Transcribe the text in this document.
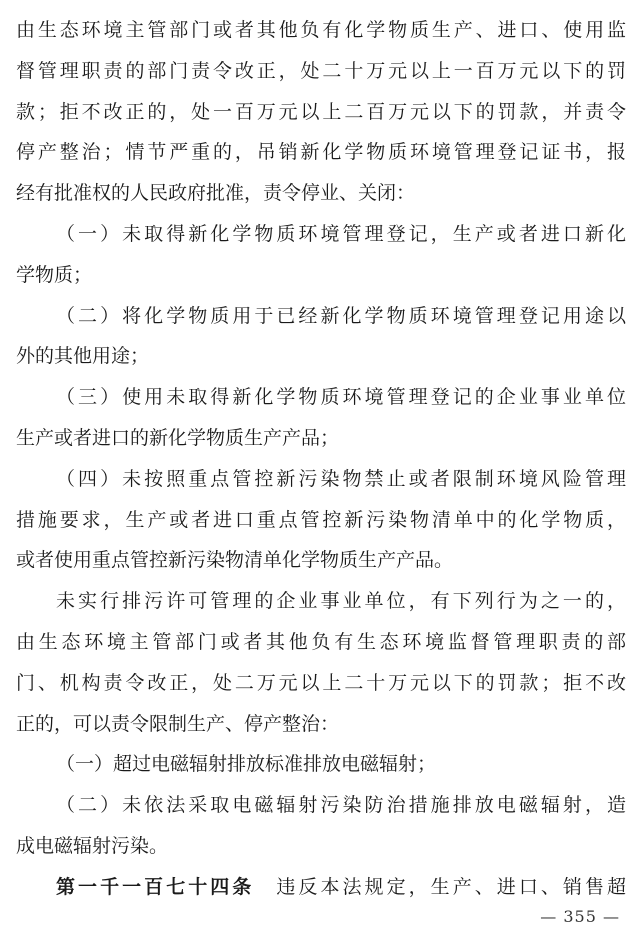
由生态环境主管部门或者其他负有化学物质生产、进口、使用监
督管理职责的部门责令改正，处二十万元以上一百万元以下的罚
款；拒不改正的，处一百万元以上二百万元以下的罚款，并责令
停产整治；情节严重的，吊销新化学物质环境管理登记证书，报
经有批准权的人民政府批准，责令停业、关闭：
（一）未取得新化学物质环境管理登记，生产或者进口新化
学物质；
（二）将化学物质用于已经新化学物质环境管理登记用途以
外的其他用途；
（三）使用未取得新化学物质环境管理登记的企业事业单位
生产或者进口的新化学物质生产产品；
（四）未按照重点管控新污染物禁止或者限制环境风险管理
措施要求，生产或者进口重点管控新污染物清单中的化学物质，
或者使用重点管控新污染物清单化学物质生产产品。
未实行排污许可管理的企业事业单位，有下列行为之一的，
由生态环境主管部门或者其他负有生态环境监督管理职责的部
门、机构责令改正，处二万元以上二十万元以下的罚款；拒不改
正的，可以责令限制生产、停产整治：
（一）超过电磁辐射排放标准排放电磁辐射；
（二）未依法采取电磁辐射污染防治措施排放电磁辐射，造
成电磁辐射污染。
第一千一百七十四条  违反本法规定，生产、进口、销售超
— 355 —
